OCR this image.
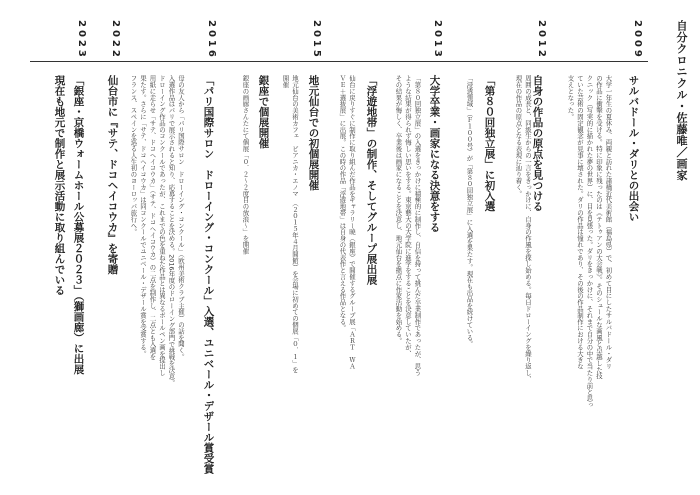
自分クロニクル・佐藤唯／画家
2009
2012
2013
2015
2016
2022
2023
サルバドール・ダリとの出会い
大学一年生の夏休み、両親と訪れた諸橋近代美術館（福島県）で、初めて目にしたサルバドール・ダリ
の作品に衝撃を受ける。特に印象に残ったのは《テトゥアンの大会戦》。そのシュールな画風と卓越した技
クニック（写実的に描かれた夢の世界）に、目を見張った。ダリをきっかけに、それまで自分の中で当たり前と思っ
ていた芸術の固定観念が見事に壊された。ダリの作品は憧れであり、その後の作品制作における大きな
支えとなった。
自身の作品の原点を見つける
周囲の成長と、同級生からの一言をきっかけに、自身の作風を探し始める。毎日ドローイングを繰り返し、
現在の作品の原点となる表現に辿り着く。
「第８０回独立展」に初入選
「浸透領域」（Ｆ１００号）が「第８０回独立展」に入選を果たす。現在も出品を続けている。
大学卒業・画家になる決意をする
「第８０回独立展」の入選をきっかけに積極的に制作し、自信を持って挑んだ卒業制作であったが、思う
ような結果が得られず悔しい思いをする。東京藝大の大学院に進学をすることを決意していたが、
その結果が悔しく、卒業後は画家になることを決意し、地元仙台を拠点に作家活動を始める。
「浮遊地帯」の制作、そしてグループ展出展
仙台に戻りすぐに制作に取り組んだ作品をギャラリー暁（銀座）で開催するグループ展「ＡＲＴ　ＷＡ
ＶＥ＋選抜展」に出展。この時の作品「浮遊地帯」は自身の代表作と言える作品となる。
地元仙台での初個展開催
地元仙台の美術カフェ　ピアニカ・エノマ　（２０１５年４月開館）を会場に初めての個展「０．１」を
開催
銀座で個展開催
銀座の画廊さんたにて個展「０．２〜２度目の放浪〜」を開催
「パリ国際サロン　ドローイング・コンクール」入選、ユニベール・デザール賞受賞
母の友人から「パリ国際サロン　ドローイング・コンクール」（欧州美術クラブ主催）の話を聞く。
入選作品はパリで展示されると知り、応募することを決める。2016年度のドローイング部門で挑戦を決意。
ドローイング作品のコンクールであったが、これまでの色を重ねた作品とは異なるボールペン画を提出し
用紙に走らせ「サテ、ドコヘイコウカ」（サテ、ドコヘイコウカ）の二点を制作し、二点とも入選を
果たす。さらに「サテ、ドコヘイコウカ」は同コンクールでユニベール・デザール賞を受賞する。
フランス、スペインを巡る人生初のヨーロッパ旅行へ。
仙台市に『サテ、ドコヘイコウカ』を寄贈
「銀座・京橋ウォームホール公募展２０２３」（獅画廊）に出展
現在も地元で制作と展示活動に取り組んでいる
